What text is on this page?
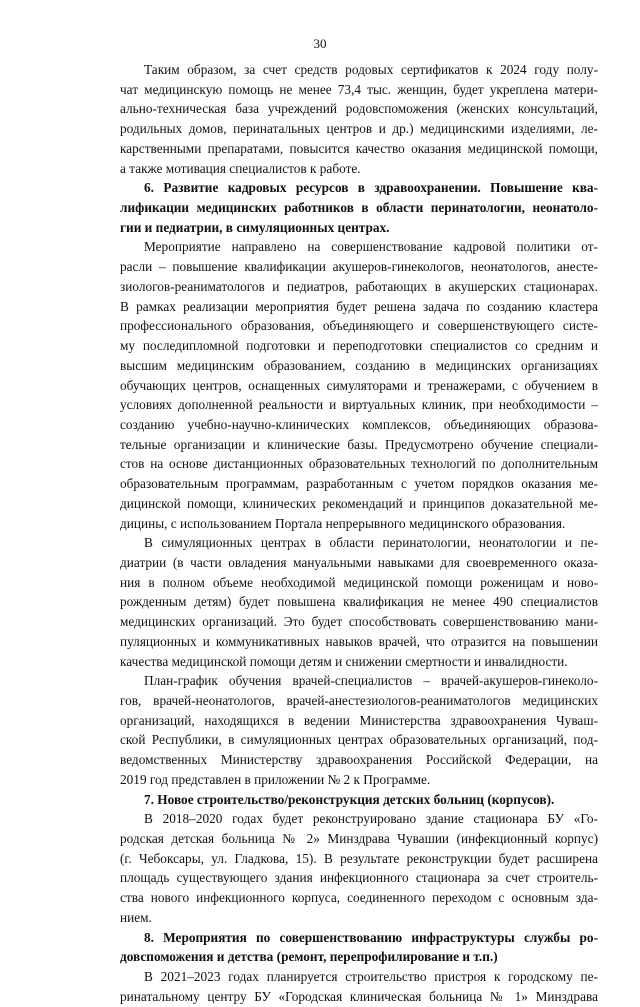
30
Таким образом, за счет средств родовых сертификатов к 2024 году полу-
чат медицинскую помощь не менее 73,4 тыс. женщин, будет укреплена матери-
ально-техническая база учреждений родовспоможения (женских консультаций,
родильных домов, перинатальных центров и др.) медицинскими изделиями, ле-
карственными препаратами, повысится качество оказания медицинской помощи,
а также мотивация специалистов к работе.
6. Развитие кадровых ресурсов в здравоохранении. Повышение ква-
лификации медицинских работников в области перинатологии, неонатоло-
гии и педиатрии, в симуляционных центрах.
Мероприятие направлено на совершенствование кадровой политики от-
расли – повышение квалификации акушеров-гинекологов, неонатологов, анесте-
зиологов-реаниматологов и педиатров, работающих в акушерских стационарах.
В рамках реализации мероприятия будет решена задача по созданию кластера
профессионального образования, объединяющего и совершенствующего систе-
му последипломной подготовки и переподготовки специалистов со средним и
высшим медицинским образованием, созданию в медицинских организациях
обучающих центров, оснащенных симуляторами и тренажерами, с обучением в
условиях дополненной реальности и виртуальных клиник, при необходимости –
созданию учебно-научно-клинических комплексов, объединяющих образова-
тельные организации и клинические базы. Предусмотрено обучение специали-
стов на основе дистанционных образовательных технологий по дополнительным
образовательным программам, разработанным с учетом порядков оказания ме-
дицинской помощи, клинических рекомендаций и принципов доказательной ме-
дицины, с использованием Портала непрерывного медицинского образования.
В симуляционных центрах в области перинатологии, неонатологии и пе-
диатрии (в части овладения мануальными навыками для своевременного оказа-
ния в полном объеме необходимой медицинской помощи роженицам и ново-
рожденным детям) будет повышена квалификация не менее 490 специалистов
медицинских организаций. Это будет способствовать совершенствованию мани-
пуляционных и коммуникативных навыков врачей, что отразится на повышении
качества медицинской помощи детям и снижении смертности и инвалидности.
План-график обучения врачей-специалистов – врачей-акушеров-гинеколо-
гов, врачей-неонатологов, врачей-анестезиологов-реаниматологов медицинских
организаций, находящихся в ведении Министерства здравоохранения Чуваш-
ской Республики, в симуляционных центрах образовательных организаций, под-
ведомственных Министерству здравоохранения Российской Федерации, на
2019 год представлен в приложении № 2 к Программе.
7. Новое строительство/реконструкция детских больниц (корпусов).
В 2018–2020 годах будет реконструировано здание стационара БУ «Го-
родская детская больница № 2» Минздрава Чувашии (инфекционный корпус)
(г. Чебоксары, ул. Гладкова, 15). В результате реконструкции будет расширена
площадь существующего здания инфекционного стационара за счет строитель-
ства нового инфекционного корпуса, соединенного переходом с основным зда-
нием.
8. Мероприятия по совершенствованию инфраструктуры службы ро-
довспоможения и детства (ремонт, перепрофилирование и т.п.)
В 2021–2023 годах планируется строительство пристроя к городскому пе-
ринатальному центру БУ «Городская клиническая больница № 1» Минздрава
